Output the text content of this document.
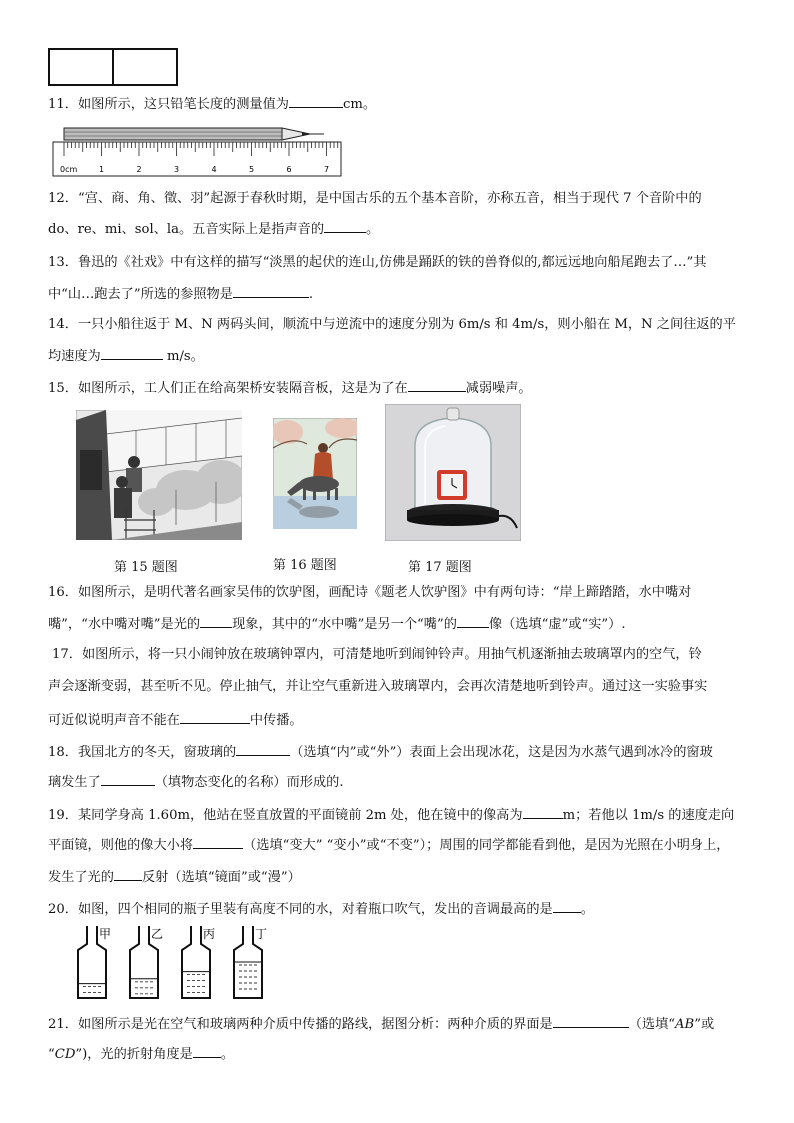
11．如图所示，这只铅笔长度的测量值为	cm。
0cm	1	2	3	4	5	6	7
12．“宫、商、角、徵、羽”起源于春秋时期，是中国古乐的五个基本音阶，亦称五音，相当于现代 7 个音阶中的
do、re、mi、sol、la。五音实际上是指声音的	。
13．鲁迅的《社戏》中有这样的描写“淡黑的起伏的连山,仿佛是踊跃的铁的兽脊似的,都远远地向船尾跑去了…”其
中“山…跑去了”所选的参照物是	.
14．一只小船往返于 M、N 两码头间，顺流中与逆流中的速度分别为 6m/s 和 4m/s，则小船在 M，N 之间往返的平
均速度为	m/s。
15．如图所示，工人们正在给高架桥安装隔音板，这是为了在	减弱噪声。
第 15 题图	第 16 题图	第 17 题图
16．如图所示，是明代著名画家吴伟的饮驴图，画配诗《题老人饮驴图》中有两句诗：“岸上蹄踏踏，水中嘴对
嘴”，“水中嘴对嘴”是光的 现象，其中的“水中嘴”是另一个“嘴”的 像（选填“虚”或“实”）.
17．如图所示，将一只小闹钟放在玻璃钟罩内，可清楚地听到闹钟铃声。用抽气机逐渐抽去玻璃罩内的空气，铃
声会逐渐变弱，甚至听不见。停止抽气，并让空气重新进入玻璃罩内，会再次清楚地听到铃声。通过这一实验事实
可近似说明声音不能在	中传播。
18．我国北方的冬天，窗玻璃的	（选填“内”或“外”）表面上会出现冰花，这是因为水蒸气遇到冰冷的窗玻
璃发生了	（填物态变化的名称）而形成的.
19．某同学身高 1.60m，他站在竖直放置的平面镜前 2m 处，他在镜中的像高为	m；若他以 1m/s 的速度走向
平面镜，则他的像大小将	（选填“变大” “变小”或“不变”）；周围的同学都能看到他，是因为光照在小明身上，
发生了光的 反射（选填“镜面”或“漫”）
20．如图，四个相同的瓶子里装有高度不同的水，对着瓶口吹气，发出的音调最高的是 。
甲	乙	丙	丁
21．如图所示是光在空气和玻璃两种介质中传播的路线，据图分析：两种介质的界面是	（选填“AB”或
“CD”)，光的折射角度是 。
